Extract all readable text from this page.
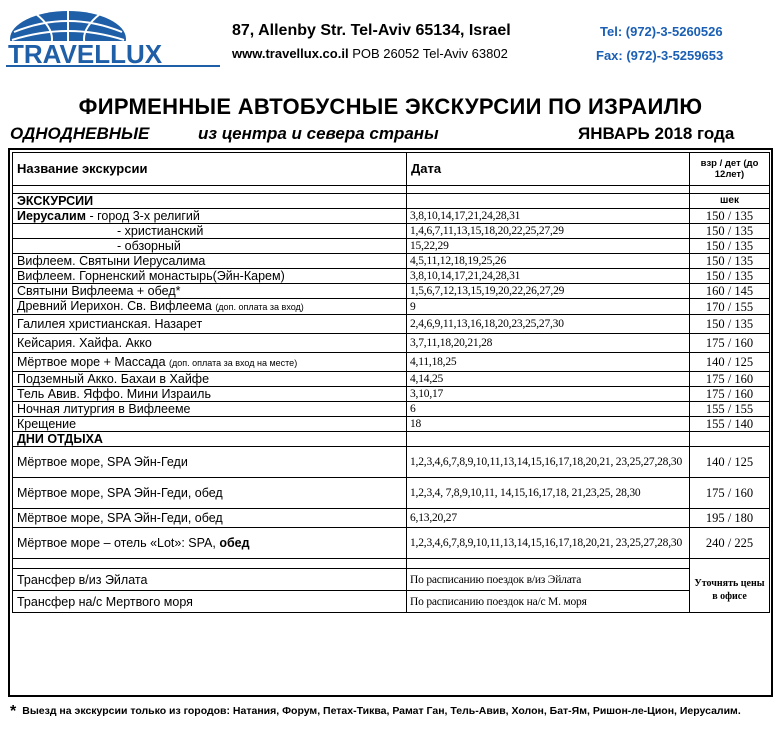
TRAVELLUX
87, Allenby Str. Tel-Aviv 65134, Israel
www.travellux.co.il POB 26052 Tel-Aviv 63802
Tel: (972)-3-5260526
Fax: (972)-3-5259653
ФИРМЕННЫЕ АВТОБУСНЫЕ ЭКСКУРСИИ ПО ИЗРАИЛЮ
ОДНОДНЕВНЫЕ	из центра и севера страны	ЯНВАРЬ 2018 года
Название экскурсии	Дата	взр / дет (до 12лет)

ЭКСКУРСИИ		шек
Иерусалим - город 3-х религий	3,8,10,14,17,21,24,28,31	150 / 135
- христианский	1,4,6,7,11,13,15,18,20,22,25,27,29	150 / 135
- обзорный	15,22,29	150 / 135
Вифлеем. Святыни Иерусалима	4,5,11,12,18,19,25,26	150 / 135
Вифлеем. Горненский монастырь(Эйн-Карем)	3,8,10,14,17,21,24,28,31	150 / 135
Святыни Вифлеема + обед*	1,5,6,7,12,13,15,19,20,22,26,27,29	160 / 145
Древний Иерихон. Св. Вифлеема (доп. оплата за вход)	9	170 / 155
Галилея христианская. Назарет	2,4,6,9,11,13,16,18,20,23,25,27,30	150 / 135
Кейсария. Хайфа. Акко	3,7,11,18,20,21,28	175 / 160
Мёртвое море + Массада (доп. оплата за вход на месте)	4,11,18,25	140 / 125
Подземный Акко. Бахаи в Хайфе	4,14,25	175 / 160
Тель Авив. Яффо. Мини Израиль	3,10,17	175 / 160
Ночная литургия в Вифлееме	6	155 / 155
Крещение	18	155 / 140
ДНИ ОТДЫХА		
Мёртвое море, SPA Эйн-Геди	1,2,3,4,6,7,8,9,10,11,13,14,15,16,17,18,20,21, 23,25,27,28,30	140 / 125
Мёртвое море, SPA Эйн-Геди, обед	1,2,3,4, 7,8,9,10,11, 14,15,16,17,18, 21,23,25, 28,30	175 / 160
Мёртвое море, SPA Эйн-Геди, обед	6,13,20,27	195 / 180
Мёртвое море – отель «Lot»: SPA, обед	1,2,3,4,6,7,8,9,10,11,13,14,15,16,17,18,20,21, 23,25,27,28,30	240 / 225

Трансфер в/из Эйлата	По расписанию поездок в/из Эйлата	Уточнять цены в офисе
Трансфер на/с Мертвого моря	По расписанию поездок на/с М. моря	
* Выезд на экскурсии только из городов: Натания, Форум, Петах-Тиква, Рамат Ган, Тель-Авив, Холон, Бат-Ям, Ришон-ле-Цион, Иерусалим.
